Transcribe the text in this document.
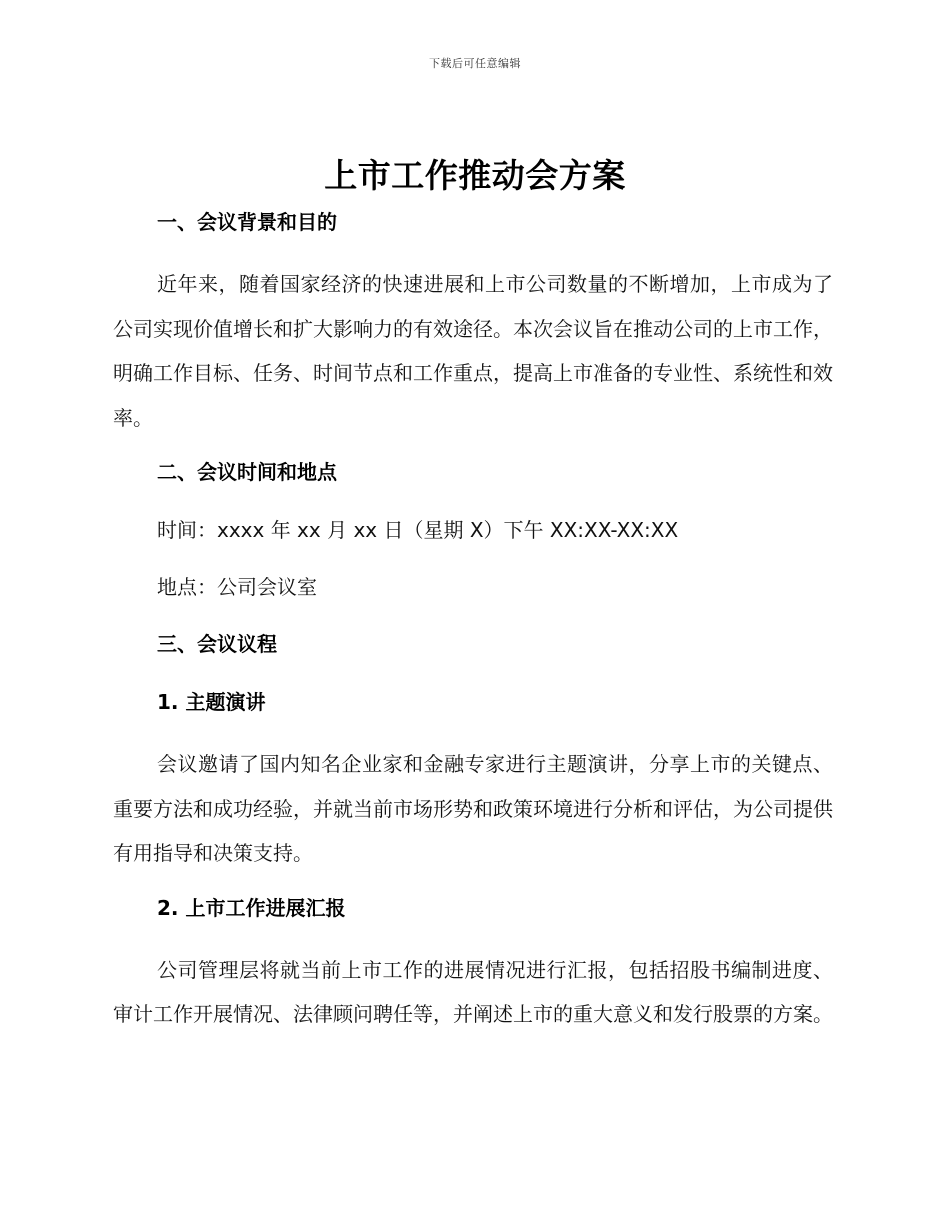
下载后可任意编辑
上市工作推动会方案
一、会议背景和目的

近年来，随着国家经济的快速进展和上市公司数量的不断增加，上市成为了公司实现价值增长和扩大影响力的有效途径。本次会议旨在推动公司的上市工作，明确工作目标、任务、时间节点和工作重点，提高上市准备的专业性、系统性和效率。

二、会议时间和地点
时间：xxxx 年 xx 月 xx 日（星期 X）下午 XX:XX-XX:XX
地点：公司会议室
三、会议议程
1. 主题演讲

会议邀请了国内知名企业家和金融专家进行主题演讲，分享上市的关键点、重要方法和成功经验，并就当前市场形势和政策环境进行分析和评估，为公司提供有用指导和决策支持。

2. 上市工作进展汇报

公司管理层将就当前上市工作的进展情况进行汇报，包括招股书编制进度、审计工作开展情况、法律顾问聘任等，并阐述上市的重大意义和发行股票的方案。
